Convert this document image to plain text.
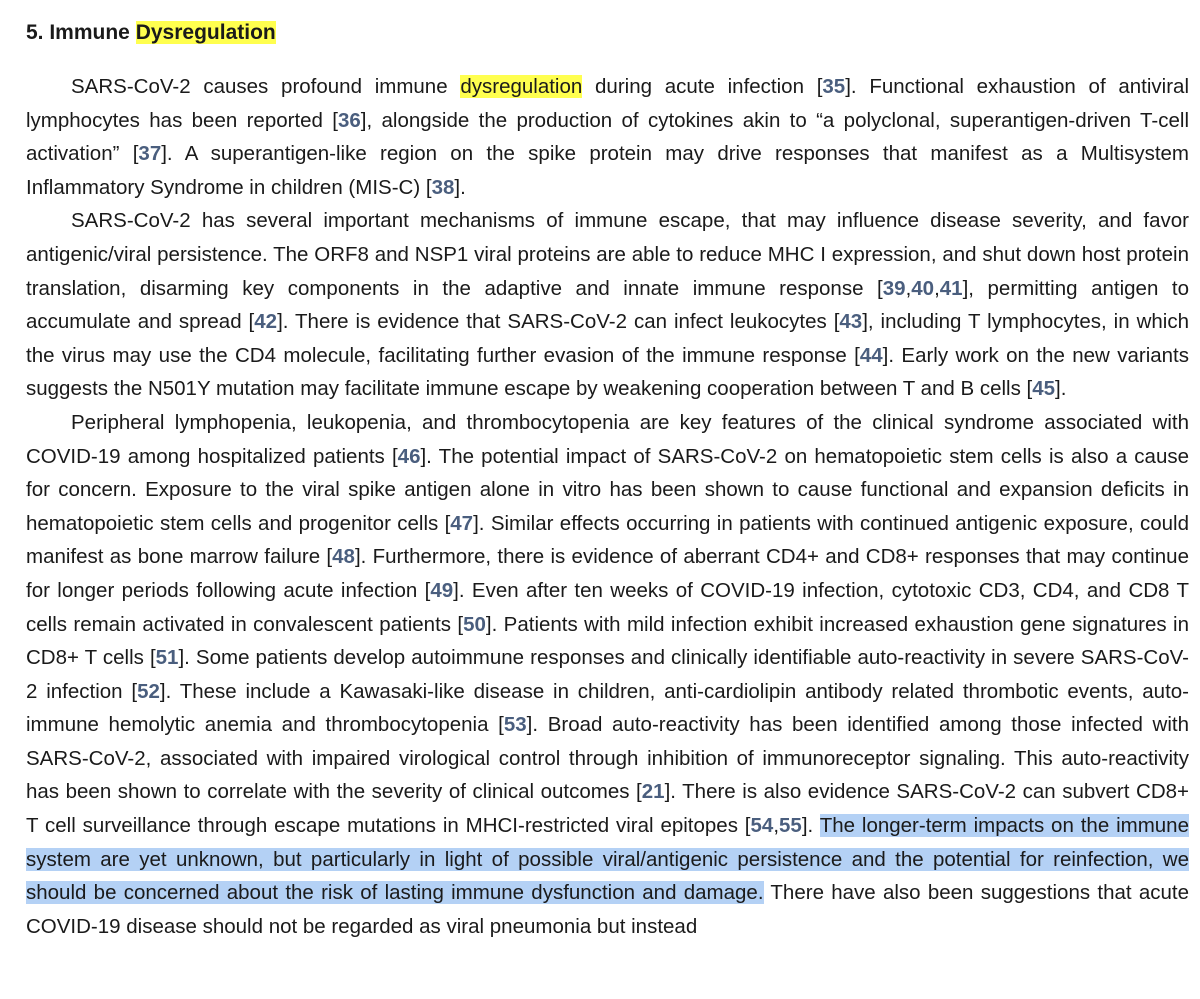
5. Immune Dysregulation

SARS-CoV-2 causes profound immune dysregulation during acute infection [35]. Functional exhaustion of antiviral lymphocytes has been reported [36], alongside the production of cytokines akin to “a polyclonal, superantigen-driven T-cell activation” [37]. A superantigen-like region on the spike protein may drive responses that manifest as a Multisystem Inflammatory Syndrome in children (MIS-C) [38].

SARS-CoV-2 has several important mechanisms of immune escape, that may influence disease severity, and favor antigenic/viral persistence. The ORF8 and NSP1 viral proteins are able to reduce MHC I expression, and shut down host protein translation, disarming key components in the adaptive and innate immune response [39,40,41], permitting antigen to accumulate and spread [42]. There is evidence that SARS-CoV-2 can infect leukocytes [43], including T lymphocytes, in which the virus may use the CD4 molecule, facilitating further evasion of the immune response [44]. Early work on the new variants suggests the N501Y mutation may facilitate immune escape by weakening cooperation between T and B cells [45].

Peripheral lymphopenia, leukopenia, and thrombocytopenia are key features of the clinical syndrome associated with COVID-19 among hospitalized patients [46]. The potential impact of SARS-CoV-2 on hematopoietic stem cells is also a cause for concern. Exposure to the viral spike antigen alone in vitro has been shown to cause functional and expansion deficits in hematopoietic stem cells and progenitor cells [47]. Similar effects occurring in patients with continued antigenic exposure, could manifest as bone marrow failure [48]. Furthermore, there is evidence of aberrant CD4+ and CD8+ responses that may continue for longer periods following acute infection [49]. Even after ten weeks of COVID-19 infection, cytotoxic CD3, CD4, and CD8 T cells remain activated in convalescent patients [50]. Patients with mild infection exhibit increased exhaustion gene signatures in CD8+ T cells [51]. Some patients develop autoimmune responses and clinically identifiable auto-reactivity in severe SARS-CoV-2 infection [52]. These include a Kawasaki-like disease in children, anti-cardiolipin antibody related thrombotic events, auto-immune hemolytic anemia and thrombocytopenia [53]. Broad auto-reactivity has been identified among those infected with SARS-CoV-2, associated with impaired virological control through inhibition of immunoreceptor signaling. This auto-reactivity has been shown to correlate with the severity of clinical outcomes [21]. There is also evidence SARS-CoV-2 can subvert CD8+ T cell surveillance through escape mutations in MHCI-restricted viral epitopes [54,55]. The longer-term impacts on the immune system are yet unknown, but particularly in light of possible viral/antigenic persistence and the potential for reinfection, we should be concerned about the risk of lasting immune dysfunction and damage. There have also been suggestions that acute COVID-19 disease should not be regarded as viral pneumonia but instead
